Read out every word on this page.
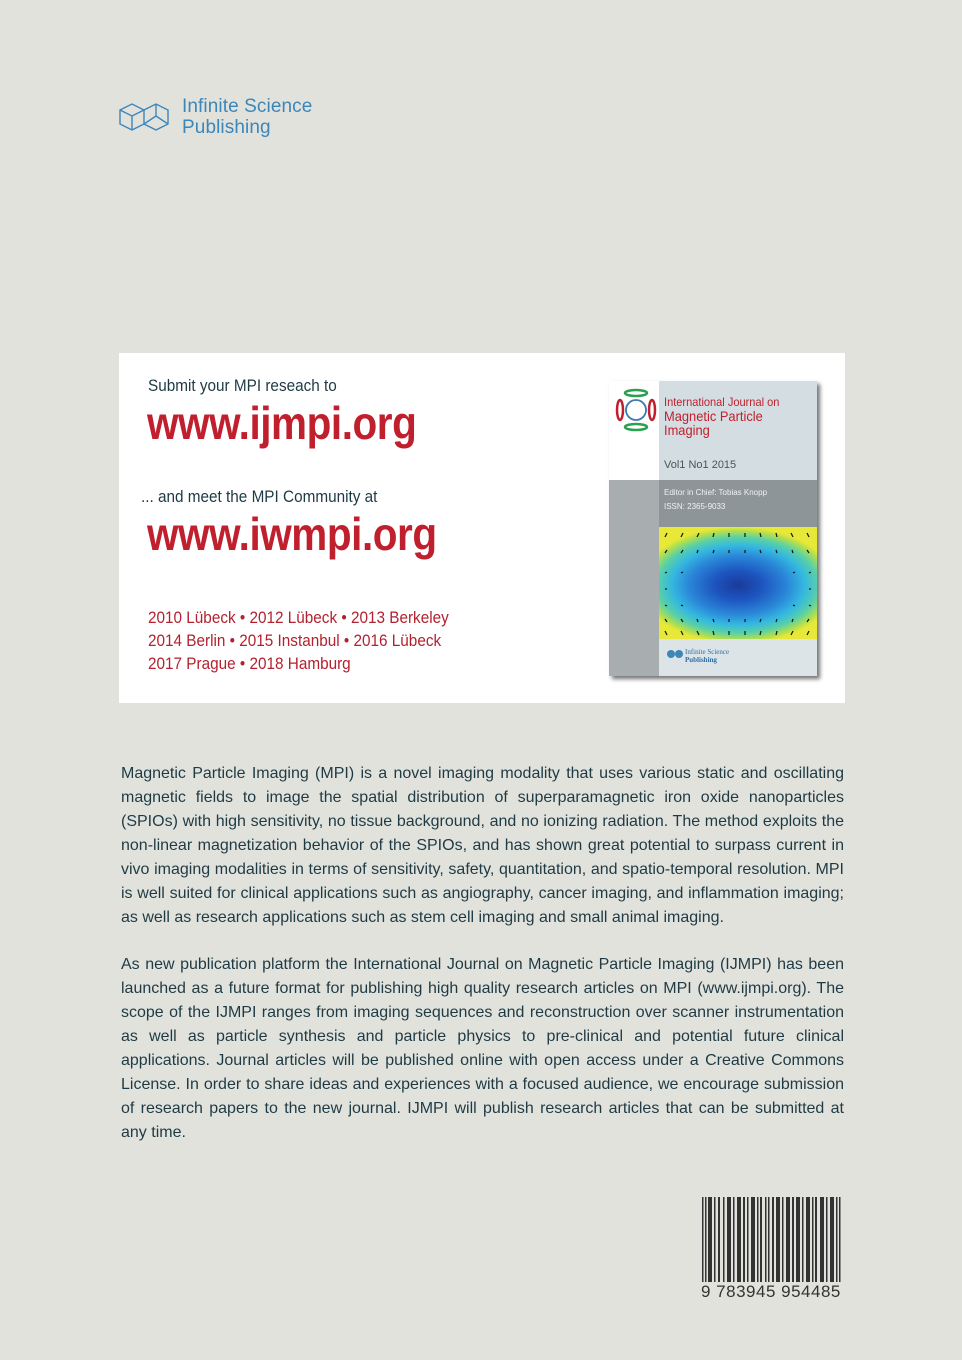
Infinite Science
Publishing
Submit your MPI reseach to
www.ijmpi.org
... and meet the MPI Community at
www.iwmpi.org
2010 Lübeck • 2012 Lübeck • 2013 Berkeley
2014 Berlin • 2015 Instanbul • 2016 Lübeck
2017 Prague • 2018 Hamburg
International Journal on
Magnetic Particle Imaging
Vol1 No1 2015
Editor in Chief: Tobias Knopp
ISSN: 2365-9033
Infinite Science
Publishing

Magnetic Particle Imaging (MPI) is a novel imaging modality that uses various static and oscillating magnetic fields to image the spatial distribution of superparamagnetic iron oxide nanoparticles (SPIOs) with high sensitivity, no tissue background, and no ionizing radiation. The method exploits the non-linear magnetization behavior of the SPIOs, and has shown great potential to surpass current in vivo imaging modalities in terms of sensitivity, safety, quantitation, and spatio-temporal resolution. MPI is well suited for clinical applications such as angiography, cancer imaging, and inflammation imaging; as well as research applications such as stem cell imaging and small animal imaging.

As new publication platform the International Journal on Magnetic Particle Imaging (IJMPI) has been launched as a future format for publishing high quality research articles on MPI (www.ijmpi.org). The scope of the IJMPI ranges from imaging sequences and reconstruction over scanner instrumentation as well as particle synthesis and particle physics to pre-clinical and potential future clinical applications. Journal articles will be published online with open access under a Creative Commons License. In order to share ideas and experiences with a focused audience, we encourage submission of research papers to the new journal. IJMPI will publish research articles that can be submitted at any time.

9 783945 954485
